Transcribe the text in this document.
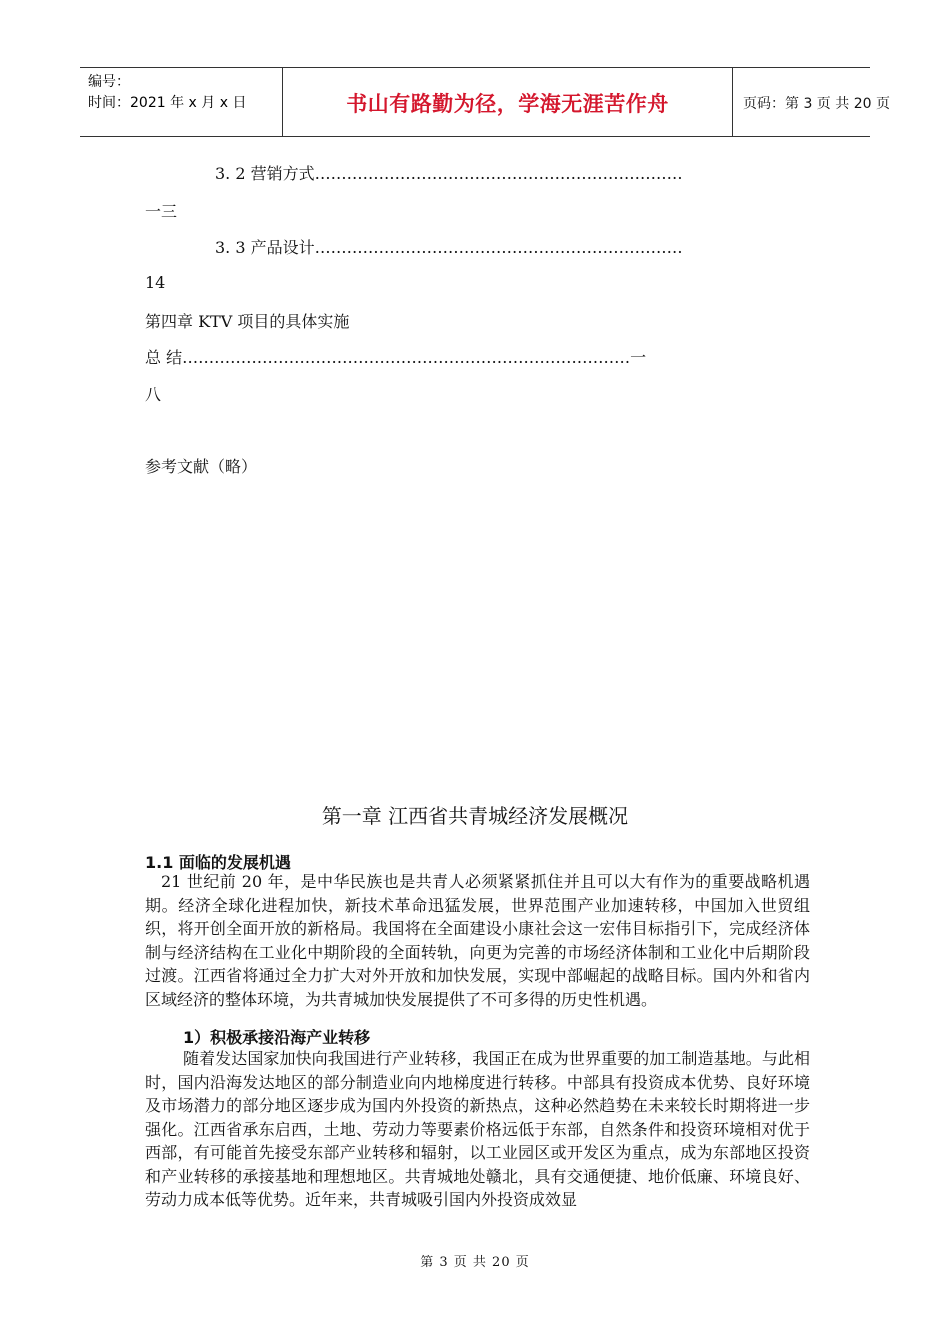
编号：
时间：2021 年 x 月 x 日	书山有路勤为径，学海无涯苦作舟	页码：第 3 页 共 20 页
3. 2 营销方式……………………………………………………………
一三
3. 3 产品设计……………………………………………………………
14
第四章 KTV 项目的具体实施
总 结…………………………………………………………………………一
八
参考文献（略）
第一章 江西省共青城经济发展概况
1.1 面临的发展机遇
21 世纪前 20 年，是中华民族也是共青人必须紧紧抓住并且可以大有作为的重要战略机遇期。经济全球化进程加快，新技术革命迅猛发展，世界范围产业加速转移，中国加入世贸组织，将开创全面开放的新格局。我国将在全面建设小康社会这一宏伟目标指引下，完成经济体制与经济结构在工业化中期阶段的全面转轨，向更为完善的市场经济体制和工业化中后期阶段过渡。江西省将通过全力扩大对外开放和加快发展，实现中部崛起的战略目标。国内外和省内区域经济的整体环境，为共青城加快发展提供了不可多得的历史性机遇。
1）积极承接沿海产业转移
随着发达国家加快向我国进行产业转移，我国正在成为世界重要的加工制造基地。与此相时，国内沿海发达地区的部分制造业向内地梯度进行转移。中部具有投资成本优势、良好环境及市场潜力的部分地区逐步成为国内外投资的新热点，这种必然趋势在未来较长时期将进一步强化。江西省承东启西，土地、劳动力等要素价格远低于东部，自然条件和投资环境相对优于西部，有可能首先接受东部产业转移和辐射，以工业园区或开发区为重点，成为东部地区投资和产业转移的承接基地和理想地区。共青城地处赣北，具有交通便捷、地价低廉、环境良好、劳动力成本低等优势。近年来，共青城吸引国内外投资成效显
第 3 页 共 20 页
